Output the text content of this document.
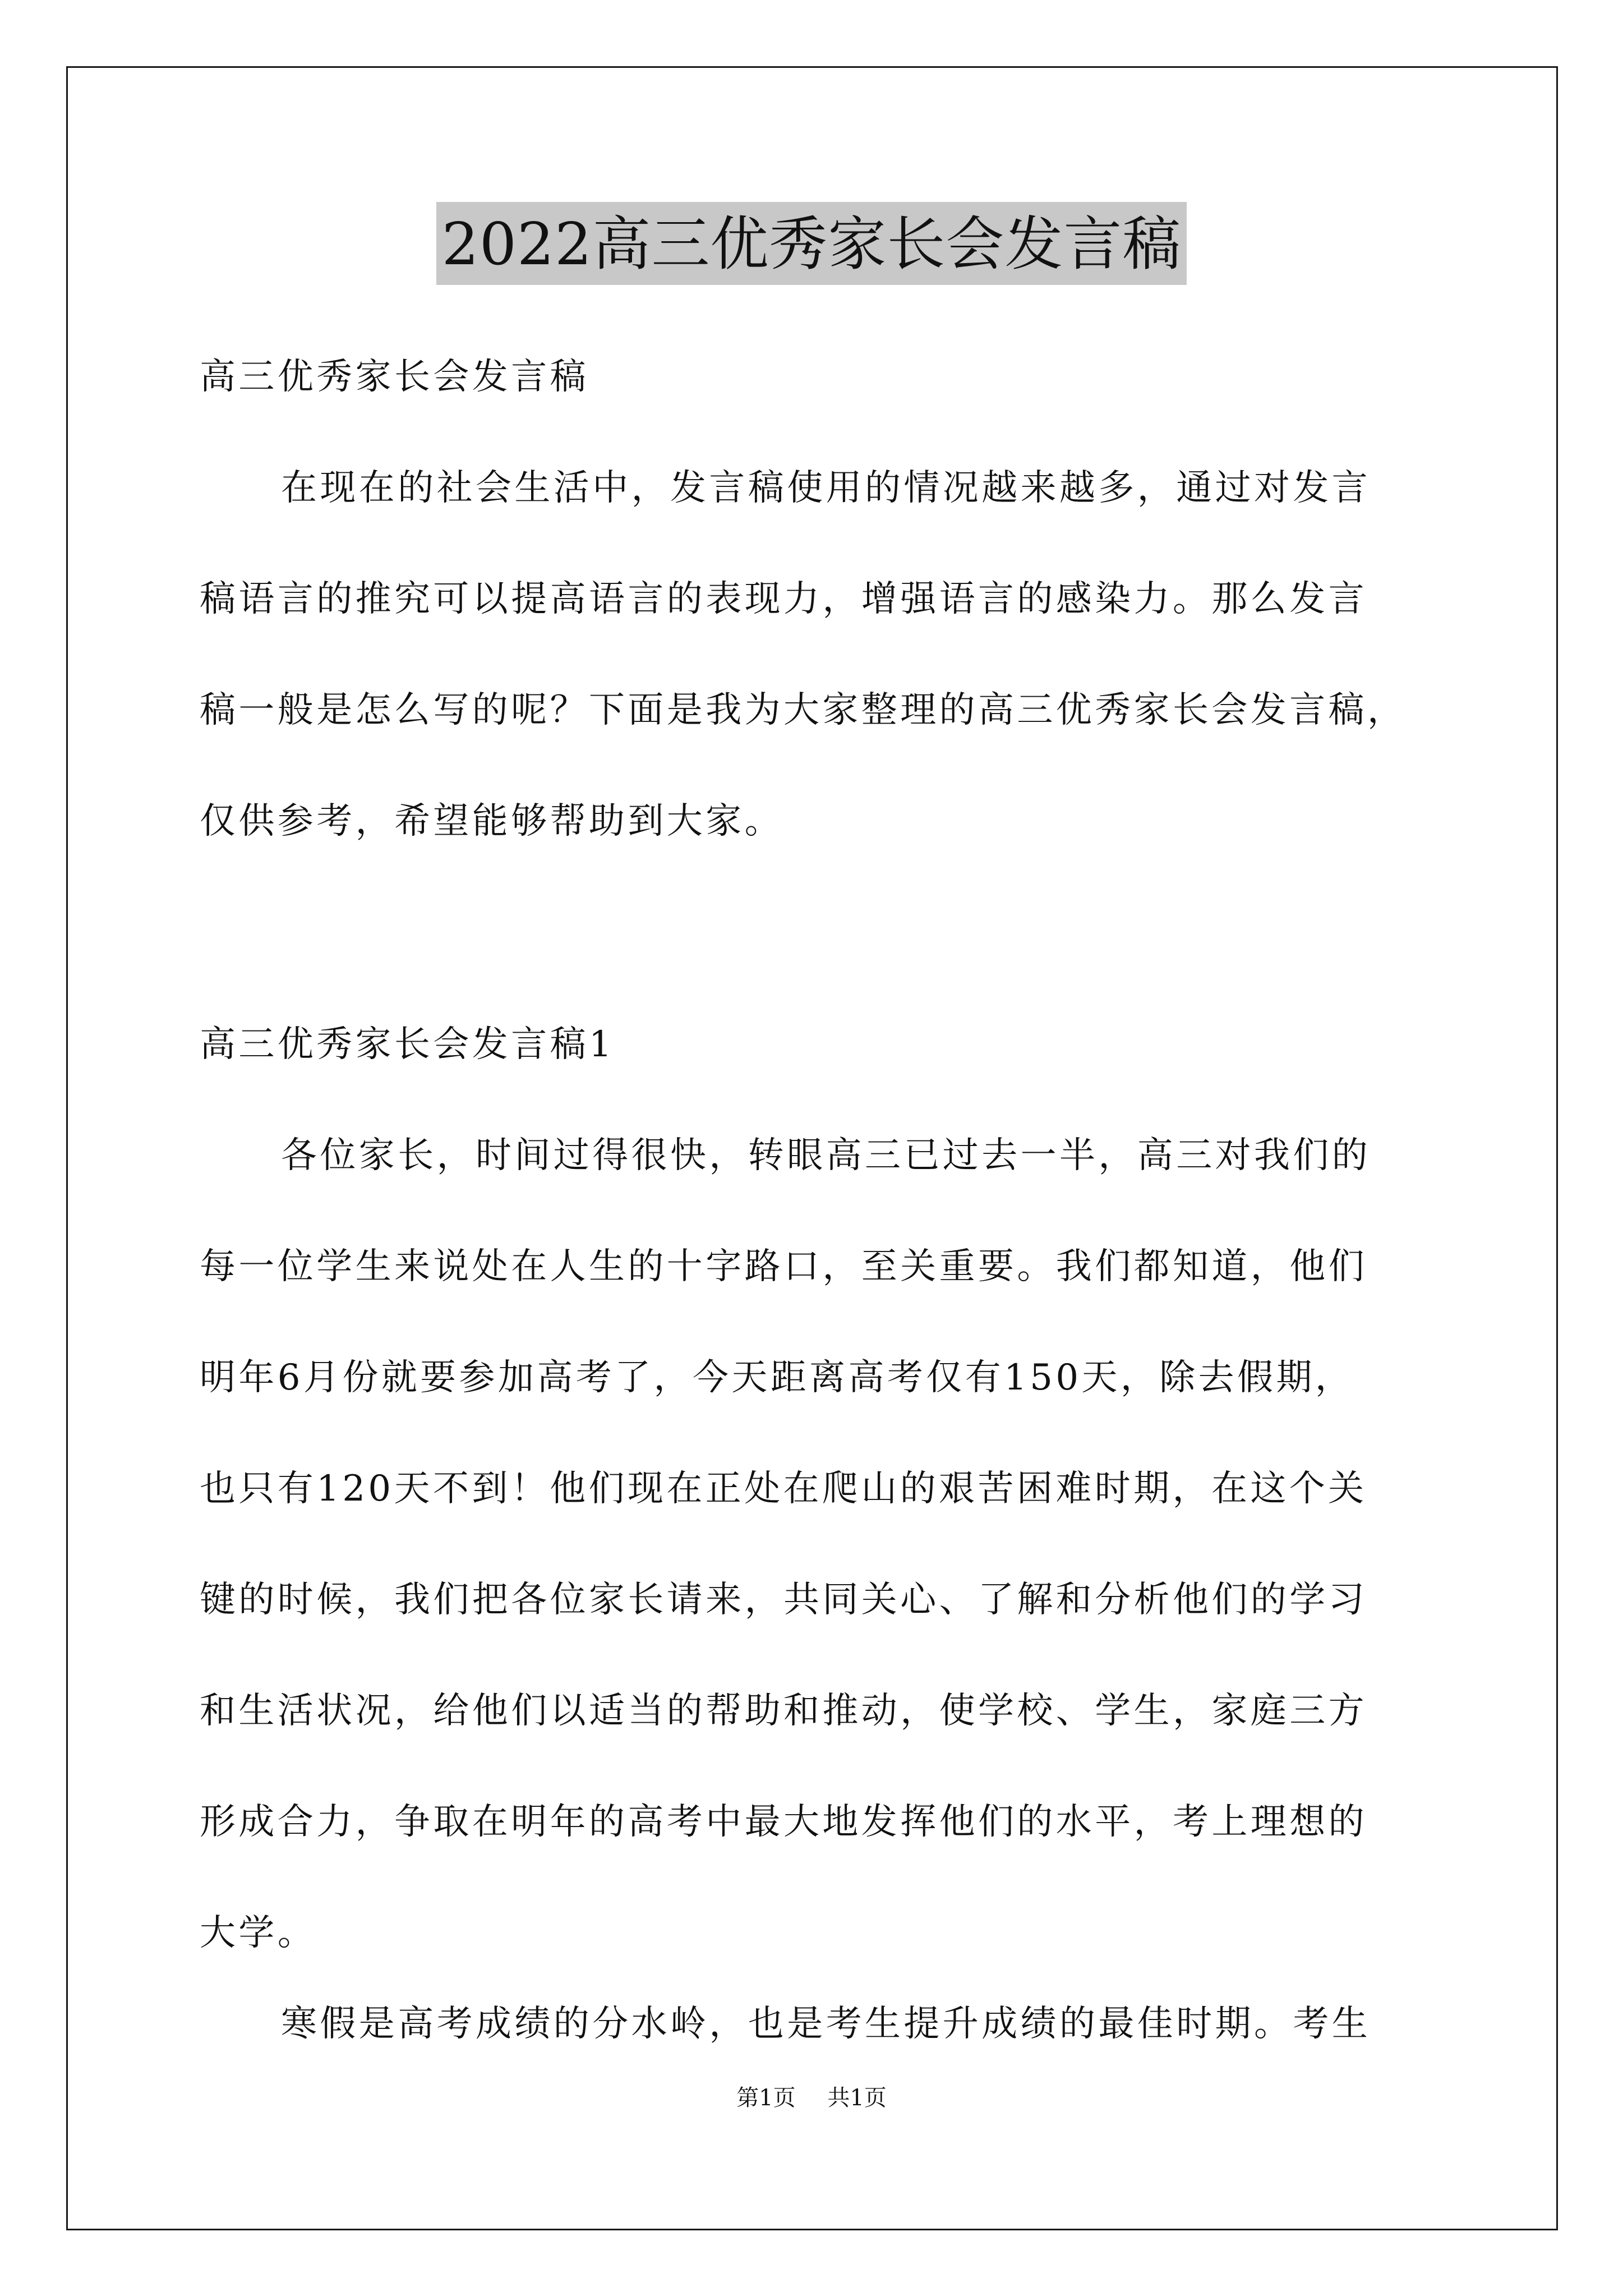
2022高三优秀家长会发言稿
高三优秀家长会发言稿
在现在的社会生活中，发言稿使用的情况越来越多，通过对发言
稿语言的推究可以提高语言的表现力，增强语言的感染力。那么发言
稿一般是怎么写的呢？下面是我为大家整理的高三优秀家长会发言稿，
仅供参考，希望能够帮助到大家。
高三优秀家长会发言稿1
各位家长，时间过得很快，转眼高三已过去一半，高三对我们的
每一位学生来说处在人生的十字路口，至关重要。我们都知道，他们
明年6月份就要参加高考了，今天距离高考仅有150天，除去假期，
也只有120天不到！他们现在正处在爬山的艰苦困难时期，在这个关
键的时候，我们把各位家长请来，共同关心、了解和分析他们的学习
和生活状况，给他们以适当的帮助和推动，使学校、学生，家庭三方
形成合力，争取在明年的高考中最大地发挥他们的水平，考上理想的
大学。
寒假是高考成绩的分水岭，也是考生提升成绩的最佳时期。考生
第1页 共1页
